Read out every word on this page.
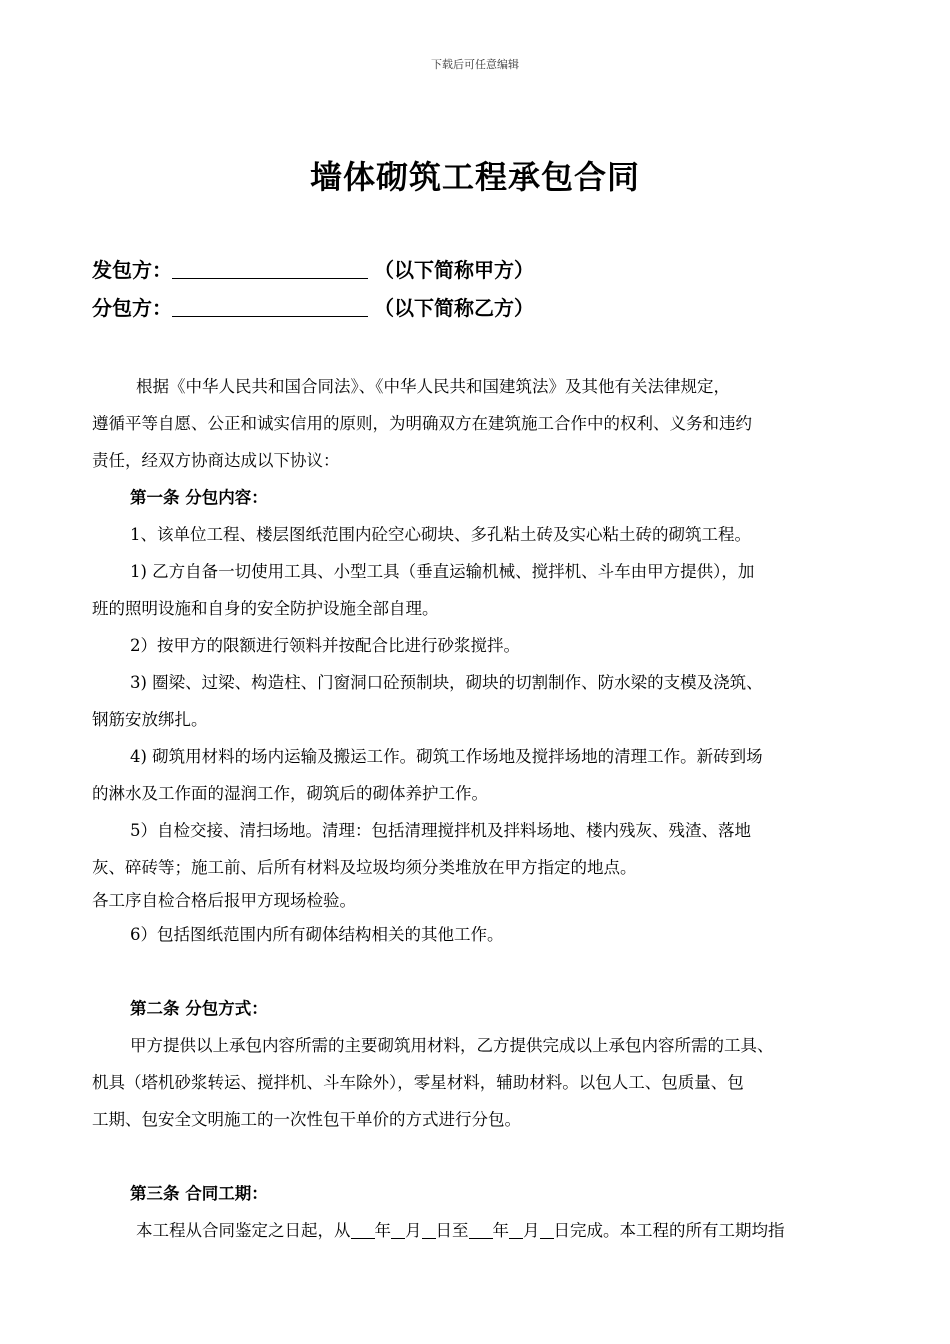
下载后可任意编辑
墙体砌筑工程承包合同
发包方：	（以下简称甲方）
分包方：	（以下简称乙方）

根据《中华人民共和国合同法》、《中华人民共和国建筑法》及其他有关法律规定，

遵循平等自愿、公正和诚实信用的原则，为明确双方在建筑施工合作中的权利、义务和违约

责任，经双方协商达成以下协议：

第一条 分包内容：

1、该单位工程、楼层图纸范围内砼空心砌块、多孔粘土砖及实心粘土砖的砌筑工程。

1) 乙方自备一切使用工具、小型工具（垂直运输机械、搅拌机、斗车由甲方提供），加

班的照明设施和自身的安全防护设施全部自理。

2）按甲方的限额进行领料并按配合比进行砂浆搅拌。

3) 圈梁、过梁、构造柱、门窗洞口砼预制块，砌块的切割制作、防水梁的支模及浇筑、

钢筋安放绑扎。

4) 砌筑用材料的场内运输及搬运工作。砌筑工作场地及搅拌场地的清理工作。新砖到场

的淋水及工作面的湿润工作，砌筑后的砌体养护工作。

5）自检交接、清扫场地。清理：包括清理搅拌机及拌料场地、楼内残灰、残渣、落地

灰、碎砖等；施工前、后所有材料及垃圾均须分类堆放在甲方指定的地点。

各工序自检合格后报甲方现场检验。

6）包括图纸范围内所有砌体结构相关的其他工作。

第二条 分包方式：

甲方提供以上承包内容所需的主要砌筑用材料，乙方提供完成以上承包内容所需的工具、

机具（塔机砂浆转运、搅拌机、斗车除外），零星材料，辅助材料。以包人工、包质量、包

工期、包安全文明施工的一次性包干单价的方式进行分包。

第三条 合同工期：

本工程从合同鉴定之日起，从 年 月 日至 年 月 日完成。本工程的所有工期均指
